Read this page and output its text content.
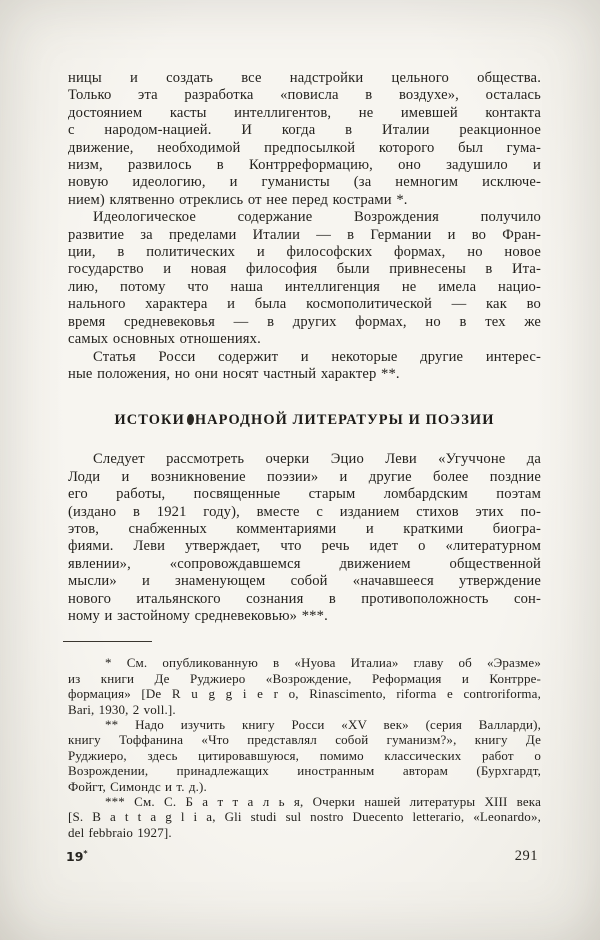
ницы и создать все надстройки цельного общества.
Только эта разработка «повисла в воздухе», осталась
достоянием касты интеллигентов, не имевшей контакта
с народом-нацией. И когда в Италии реакционное
движение, необходимой предпосылкой которого был гума-
низм, развилось в Контрреформацию, оно задушило и
новую идеологию, и гуманисты (за немногим исключе-
нием) клятвенно отреклись от нее перед кострами *.
Идеологическое содержание Возрождения получило
развитие за пределами Италии — в Германии и во Фран-
ции, в политических и философских формах, но новое
государство и новая философия были привнесены в Ита-
лию, потому что наша интеллигенция не имела нацио-
нального характера и была космополитической — как во
время средневековья — в других формах, но в тех же
самых основных отношениях.
Статья Росси содержит и некоторые другие интерес-
ные положения, но они носят частный характер **.
ИСТОКИ НАРОДНОЙ ЛИТЕРАТУРЫ И ПОЭЗИИ
Следует рассмотреть очерки Эцио Леви «Угуччоне да
Лоди и возникновение поэзии» и другие более поздние
его работы, посвященные старым ломбардским поэтам
(издано в 1921 году), вместе с изданием стихов этих по-
этов, снабженных комментариями и краткими биогра-
фиями. Леви утверждает, что речь идет о «литературном
явлении», «сопровождавшемся движением общественной
мысли» и знаменующем собой «начавшееся утверждение
нового итальянского сознания в противоположность сон-
ному и застойному средневековью» ***.
* См. опубликованную в «Нуова Италиа» главу об «Эразме»
из книги Де Руджиеро «Возрождение, Реформация и Контрре-
формация» [De R u g g i e r o, Rinascimento, riforma e controriforma,
Bari, 1930, 2 voll.].
** Надо изучить книгу Росси «XV век» (серия Валларди),
книгу Тоффанина «Что представлял собой гуманизм?», книгу Де
Руджиеро, здесь цитировавшуюся, помимо классических работ о
Возрождении, принадлежащих иностранным авторам (Бурхгардт,
Фойгт, Симондс и т. д.).
*** См. С. Б а т т а л ь я, Очерки нашей литературы XIII века
[S. B a t t a g l i a, Gli studi sul nostro Duecento letterario, «Leonardo»,
del febbraio 1927].
19*	291
